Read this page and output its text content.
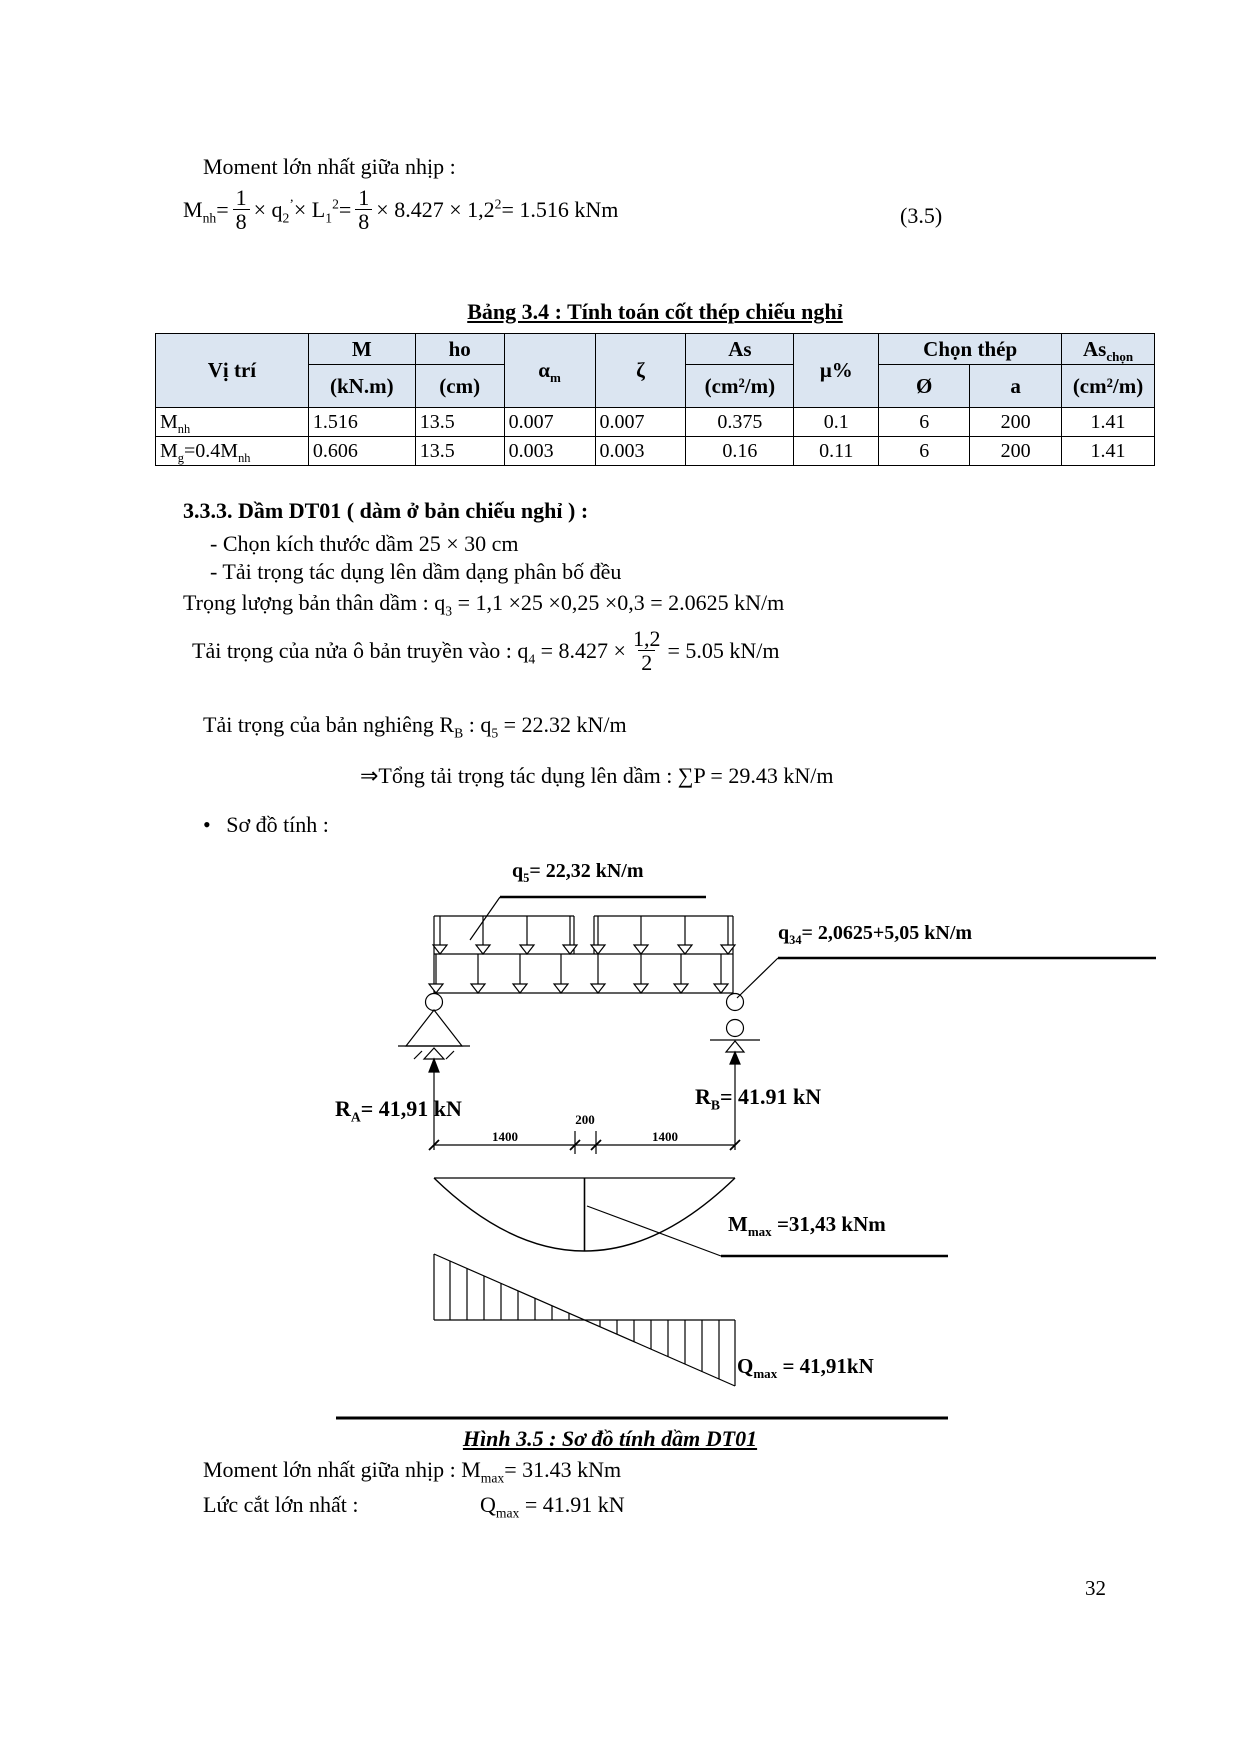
Moment lớn nhất giữa nhịp :
$M_{nh}= \frac{1}{8} \times q_2^’\times L_1^2= \frac{1}{8} \times 8.427 \times 1,2^2= 1.516$ kNm	(3.5)
Bảng 3.4 : Tính toán cốt thép chiếu nghỉ
Vị trí	M	ho	$\alpha_m$	ζ	As	μ%	Chọn thép		$As_{chọn}$
	(kN.m)	(cm)			(cm²/m)		Ø	a	(cm²/m)
$M_{nh}$	1.516	13.5	0.007	0.007	0.375	0.1	6	200	1.41
$M_g=0.4M_{nh}$	0.606	13.5	0.003	0.003	0.16	0.11	6	200	1.41
3.3.3. Dầm DT01 ( dàm ở bản chiếu nghỉ ) :
- Chọn kích thước dầm 25 × 30 cm
- Tải trọng tác dụng lên dầm dạng phân bố đều
Trọng lượng bản thân dầm : $q_3 = 1,1 \times 25 \times 0,25 \times 0,3 = 2.0625$ kN/m
Tải trọng của nửa ô bản truyền vào : $q_4 = 8.427 \times \frac{1,2}{2} = 5.05$ kN/m
Tải trọng của bản nghiêng $R_B$ : $q_5 = 22.32$ kN/m
⇒Tổng tải trọng tác dụng lên dầm : ∑P = 29.43 kN/m
• Sơ đồ tính :
$q_5= 22,32$ kN/m
$q_{34}= 2,0625+5,05$ kN/m
$R_A= 41,91$ kN	$R_B= 41.91$ kN
200
1400	1400
$M_{max} =31,43$ kNm
$Q_{max} = 41,91kN$
Hình 3.5 : Sơ đồ tính dầm DT01
Moment lớn nhất giữa nhịp : $M_{max}= 31.43$ kNm
Lức cắt lớn nhất :	$Q_{max} = 41.91$ kN
32
